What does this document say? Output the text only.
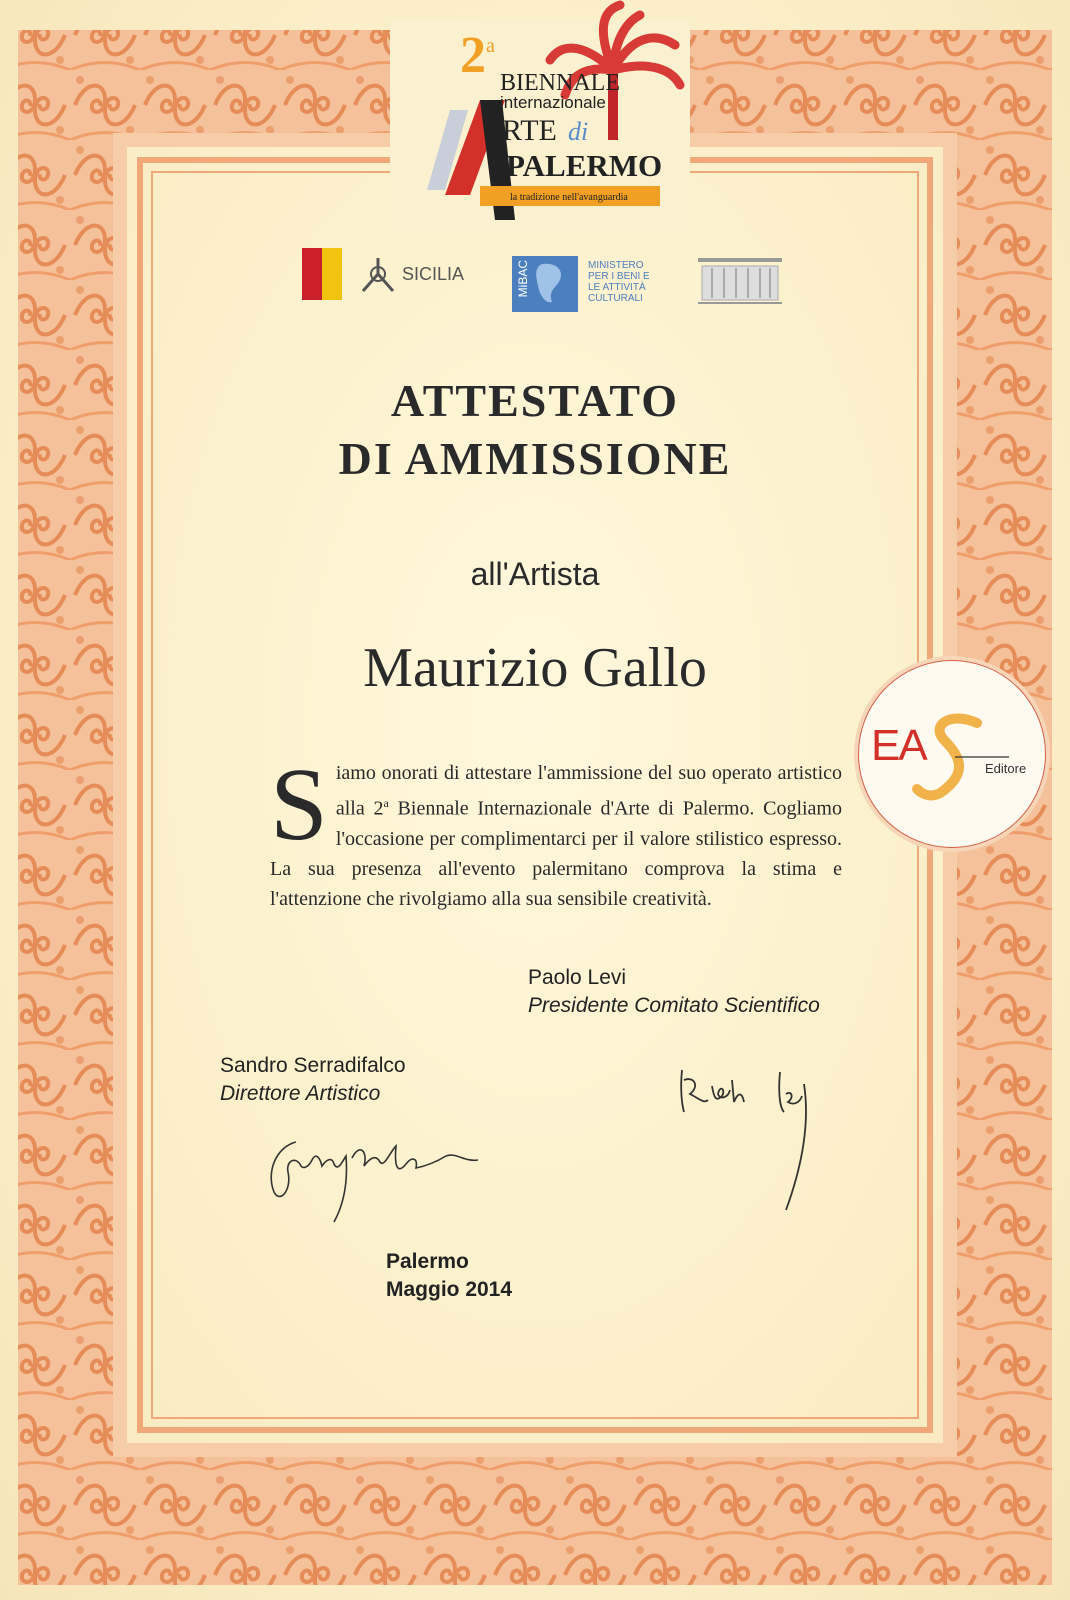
2 a
BIENNALE
internazionale
RTE di
PALERMO
la tradizione nell'avanguardia
SICILIA	MiBAC	MINISTERO
PER I BENI E
LE ATTIVITÀ
CULTURALI
ATTESTATO
DI AMMISSIONE
all'Artista
Maurizio Gallo
Siamo onorati di attestare l'ammissione del suo operato artistico alla 2$^a$ Biennale Internazionale d'Arte di Palermo. Cogliamo l'occasione per complimentarci per il valore stilistico espresso. La sua presenza all'evento palermitano comprova la stima e l'attenzione che rivolgiamo alla sua sensibile creatività.
Paolo Levi
Presidente Comitato Scientifico
Sandro Serradifalco
Direttore Artistico
Palermo
Maggio 2014
EA	Editore
